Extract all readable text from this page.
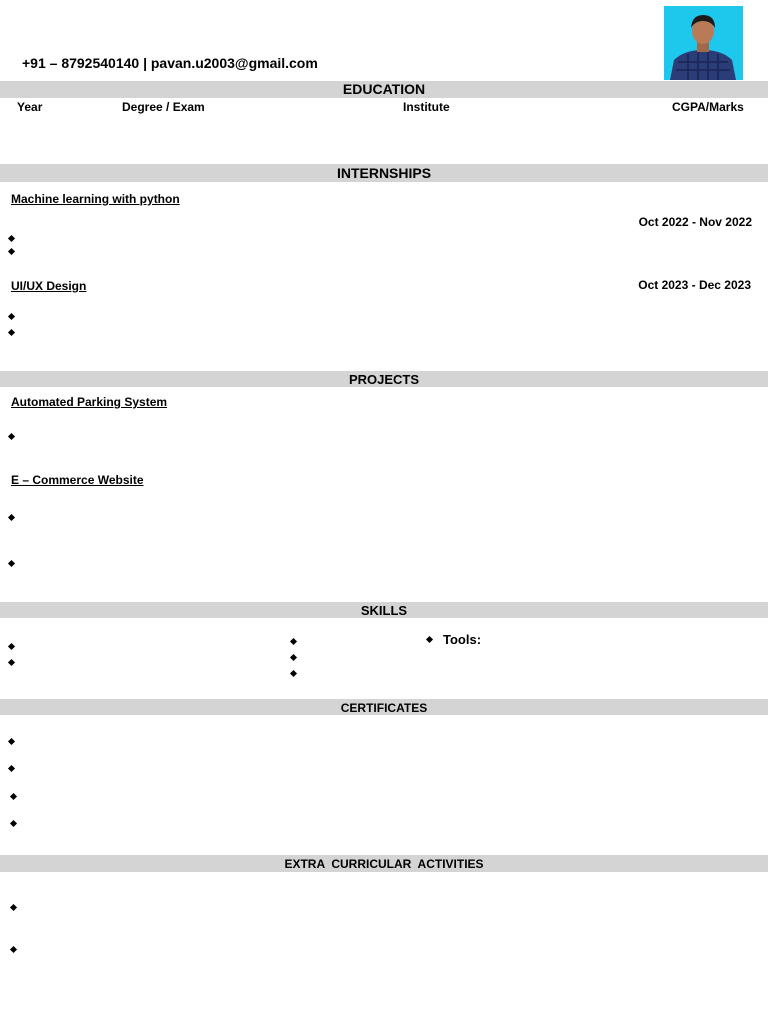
+91 – 8792540140 | pavan.u2003@gmail.com
EDUCATION
Year	Degree / Exam	Institute	CGPA/Marks
INTERNSHIPS
Machine learning with python
Oct 2022 - Nov 2022
UI/UX Design	Oct 2023 - Dec 2023
PROJECTS
Automated Parking System
E – Commerce Website
SKILLS
Tools:
CERTIFICATES
EXTRA  CURRICULAR  ACTIVITIES
